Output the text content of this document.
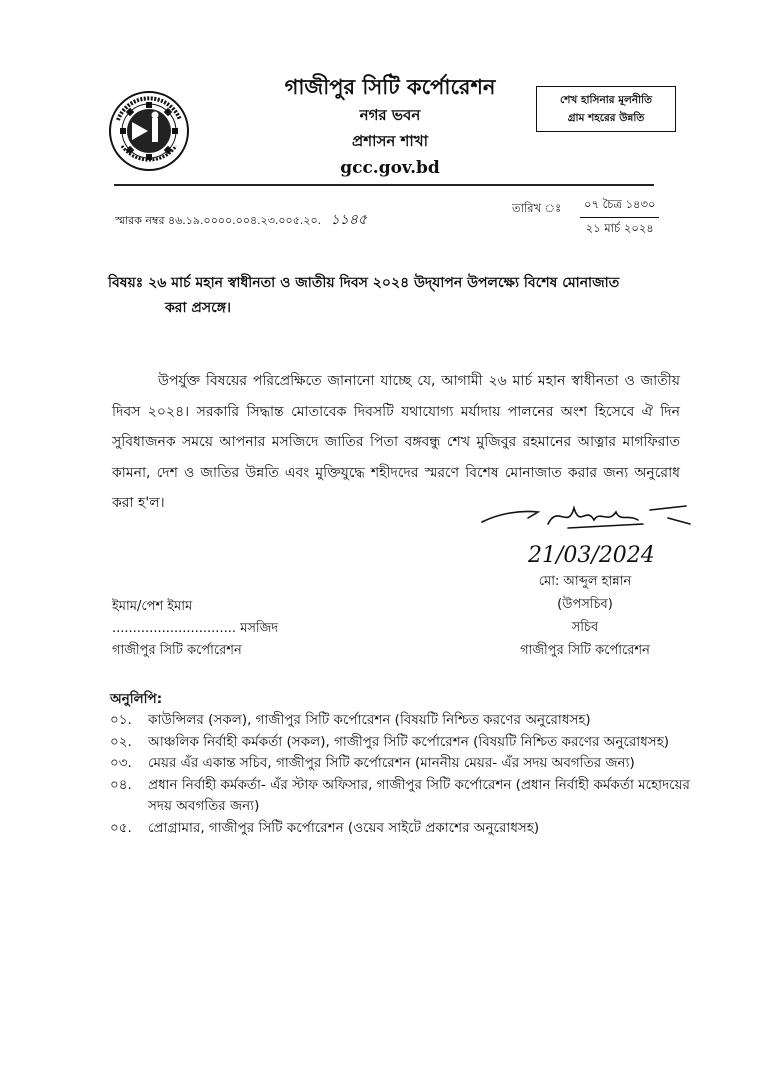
গাজীপুর সিটি কর্পোরেশন
নগর ভবন
প্রশাসন শাখা
gcc.gov.bd
শেখ হাসিনার মূলনীতি
গ্রাম শহরের উন্নতি
স্মারক নম্বর ৪৬.১৯.০০০০.০০৪.২৩.০০৫.২০. ১১৪৫
তারিখ ঃ	০৭ চৈত্র ১৪৩০
২১ মার্চ ২০২৪
বিষয়ঃ ২৬ মার্চ মহান স্বাধীনতা ও জাতীয় দিবস ২০২৪ উদ্‌যাপন উপলক্ষ্যে বিশেষ মোনাজাত
করা প্রসঙ্গে।
উপর্যুক্ত বিষয়ের পরিপ্রেক্ষিতে জানানো যাচ্ছে যে, আগামী ২৬ মার্চ মহান স্বাধীনতা ও জাতীয় দিবস ২০২৪। সরকারি সিদ্ধান্ত মোতাবেক দিবসটি যথাযোগ্য মর্যাদায় পালনের অংশ হিসেবে ঐ দিন সুবিধাজনক সময়ে আপনার মসজিদে জাতির পিতা বঙ্গবন্ধু শেখ মুজিবুর রহমানের আত্নার মাগফিরাত কামনা, দেশ ও জাতির উন্নতি এবং মুক্তিযুদ্ধে শহীদদের স্মরণে বিশেষ মোনাজাত করার জন্য অনুরোধ করা হ'ল।
21/03/2024
মো: আব্দুল হান্নান
(উপসচিব)
সচিব
গাজীপুর সিটি কর্পোরেশন
ইমাম/পেশ ইমাম
.............................. মসজিদ
গাজীপুর সিটি কর্পোরেশন
অনুলিপি:
০১.	কাউন্সিলর (সকল), গাজীপুর সিটি কর্পোরেশন (বিষয়টি নিশ্চিত করণের অনুরোধসহ)
০২.	আঞ্চলিক নির্বাহী কর্মকর্তা (সকল), গাজীপুর সিটি কর্পোরেশন (বিষয়টি নিশ্চিত করণের অনুরোধসহ)
০৩.	মেয়র এঁর একান্ত সচিব, গাজীপুর সিটি কর্পোরেশন (মাননীয় মেয়র- এঁর সদয় অবগতির জন্য)
০৪.	প্রধান নির্বাহী কর্মকর্তা- এঁর স্টাফ অফিসার, গাজীপুর সিটি কর্পোরেশন (প্রধান নির্বাহী কর্মকর্তা মহোদয়ের সদয় অবগতির জন্য)
০৫.	প্রোগ্রামার, গাজীপুর সিটি কর্পোরেশন (ওয়েব সাইটে প্রকাশের অনুরোধসহ)
